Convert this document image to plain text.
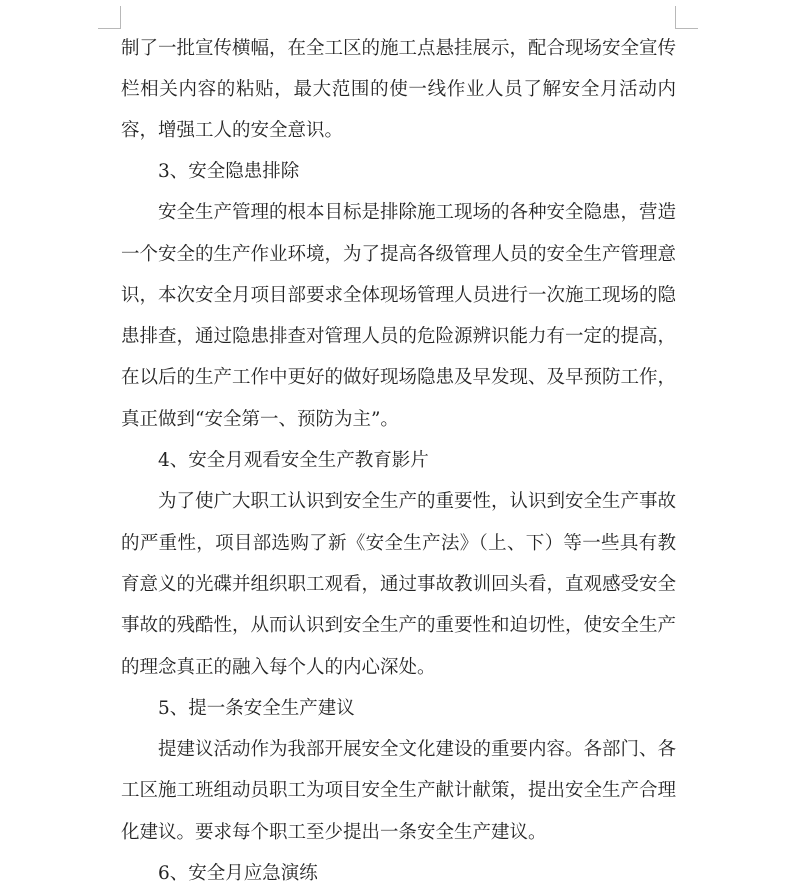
制了一批宣传横幅，在全工区的施工点悬挂展示，配合现场安全宣传
栏相关内容的粘贴，最大范围的使一线作业人员了解安全月活动内
容，增强工人的安全意识。
3、安全隐患排除
安全生产管理的根本目标是排除施工现场的各种安全隐患，营造
一个安全的生产作业环境，为了提高各级管理人员的安全生产管理意
识，本次安全月项目部要求全体现场管理人员进行一次施工现场的隐
患排查，通过隐患排查对管理人员的危险源辨识能力有一定的提高，
在以后的生产工作中更好的做好现场隐患及早发现、及早预防工作，
真正做到“安全第一、预防为主”。
4、安全月观看安全生产教育影片
为了使广大职工认识到安全生产的重要性，认识到安全生产事故
的严重性，项目部选购了新《安全生产法》（上、下）等一些具有教
育意义的光碟并组织职工观看，通过事故教训回头看，直观感受安全
事故的残酷性，从而认识到安全生产的重要性和迫切性，使安全生产
的理念真正的融入每个人的内心深处。
5、提一条安全生产建议
提建议活动作为我部开展安全文化建设的重要内容。各部门、各
工区施工班组动员职工为项目安全生产献计献策，提出安全生产合理
化建议。要求每个职工至少提出一条安全生产建议。
6、安全月应急演练
